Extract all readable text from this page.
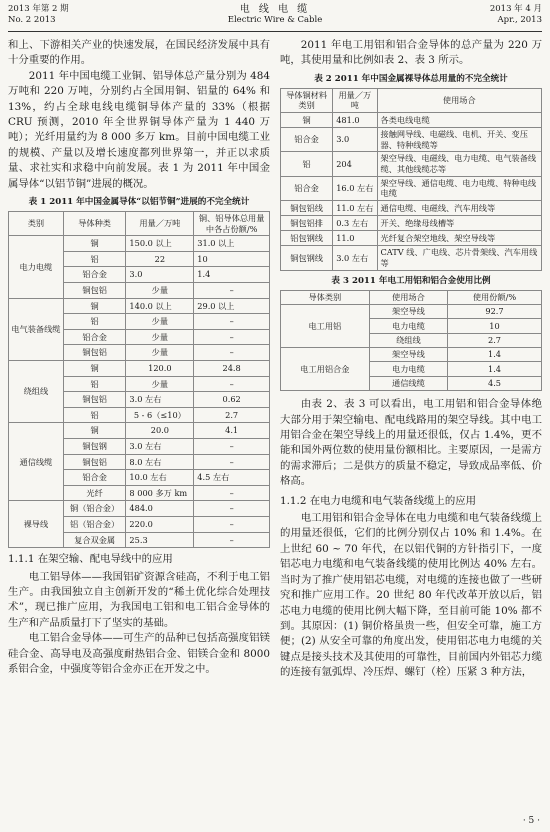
2013 年第 2 期
No. 2 2013
电 线 电 缆
Electric Wire & Cable
2013 年 4 月
Apr., 2013

和上、下游相关产业的快速发展，在国民经济发展中具有十分重要的作用。

2011 年中国电缆工业铜、铝导体总产量分别为 484 万吨和 220 万吨，分别约占全国用铜、铝量的 64% 和 13%，约占全球电线电缆铜导体产量的 33%（根据 CRU 预测，2010 年全世界铜导体产量为 1 440 万吨）；光纤用量约为 8 000 多万 km。目前中国电缆工业的规模、产量以及增长速度都列世界第一，并正以求质量、求社实和求稳中向前发展。表 1 为 2011 年中国金属导体“以铝节铜”进展的概况。

表 1 2011 年中国金属导体“以铝节铜”进展的不完全统计
类别	导体种类	用量／万吨	铜、铝导体总用量中各占份额/%
电力电缆	铜	150.0 以上	31.0 以上
	铝	22	10
	铝合金	3.0	1.4
	铜包铝	少量	–
电气装备线缆	铜	140.0 以上	29.0 以上
	铝	少量	–
	铝合金	少量	–
	铜包铝	少量	–
绕组线	铜	120.0	24.8
	铝	少量	–
	铜包铝	3.0 左右	0.62
	铝	5 - 6（≤10）	2.7
通信线缆	铜	20.0	4.1
	铜包钢	3.0 左右	–
	铜包铝	8.0 左右	–
	铝合金	10.0 左右	4.5 左右
	光纤	8 000 多万 km	–
裸导线	铜（铝合金）	484.0	–
	铝（铝合金）	220.0	–
	复合双金属	25.3	–
1.1.1 在架空输、配电导线中的应用

电工铝导体——我国铝矿资源含硅高，不利于电工铝生产。由我国独立自主创新开发的“稀土优化综合处理技术”，现已推广应用，为我国电工铝和电工铝合金导体的生产和产品质量打下了坚实的基础。

电工铝合金导体——可生产的品种已包括高强度铝镁硅合金、高导电及高强度耐热铝合金、铝镁合金和 8000 系铝合金，中强度等铝合金亦正在开发之中。

2011 年电工用铝和铝合金导体的总产量为 220 万吨，其使用量和比例如表 2、表 3 所示。

表 2 2011 年中国金属裸导体总用量的不完全统计
导体铜材料类别	用量／万吨	使用场合
铜	481.0	各类电线电缆
铝合金	3.0	接触网导线、电磁线、电机、开关、变压器、特种线缆等
铝	204	架空导线、电磁线、电力电缆、电气装备线缆、其他线缆芯等
铝合金	16.0 左右	架空导线、通信电缆、电力电缆、特种电线电缆
铜包铝线	11.0 左右	通信电缆、电磁线、汽车用线等
铜包铝排	0.3 左右	开关、绝缘母线槽等
铝包钢线	11.0	光纤复合架空地线、架空导线等
铜包钢线	3.0 左右	CATV 线、广电线、芯片骨架线、汽车用线等
表 3 2011 年电工用铝和铝合金使用比例
导体类别	使用场合	使用份额/%
电工用铝	架空导线	92.7
	电力电缆	10
	绕组线	2.7
电工用铝合金	架空导线	1.4
	电力电缆	1.4
	通信线缆	4.5

由表 2、表 3 可以看出，电工用铝和铝合金导体绝大部分用于架空输电、配电线路用的架空导线。其中电工用铝合金在架空导线上的用量还很低，仅占 1.4%，更不能和国外两位数的使用量份额相比。主要原因，一是需方的需求滞后；二是供方的质量不稳定，导致成品率低、价格高。

1.1.2 在电力电缆和电气装备线缆上的应用

电工用铝和铝合金导体在电力电缆和电气装备线缆上的用量还很低，它们的比例分别仅占 10% 和 1.4%。在上世纪 60 ~ 70 年代，在以铝代铜的方针指引下，一度铝芯电力电缆和电气装备线缆的使用比例达 40% 左右。当时为了推广使用铝芯电缆，对电缆的连接也做了一些研究和推广应用工作。20 世纪 80 年代改革开放以后，铝芯电力电缆的使用比例大幅下降，至目前可能 10% 都不到。其原因：(1) 铜价格虽贵一些，但安全可靠，施工方便；(2) 从安全可靠的角度出发，使用铝芯电力电缆的关键点是接头技术及其使用的可靠性，目前国内外铝芯力缆的连接有氩弧焊、冷压焊、螺钉（栓）压紧 3 种方法，

· 5 ·
